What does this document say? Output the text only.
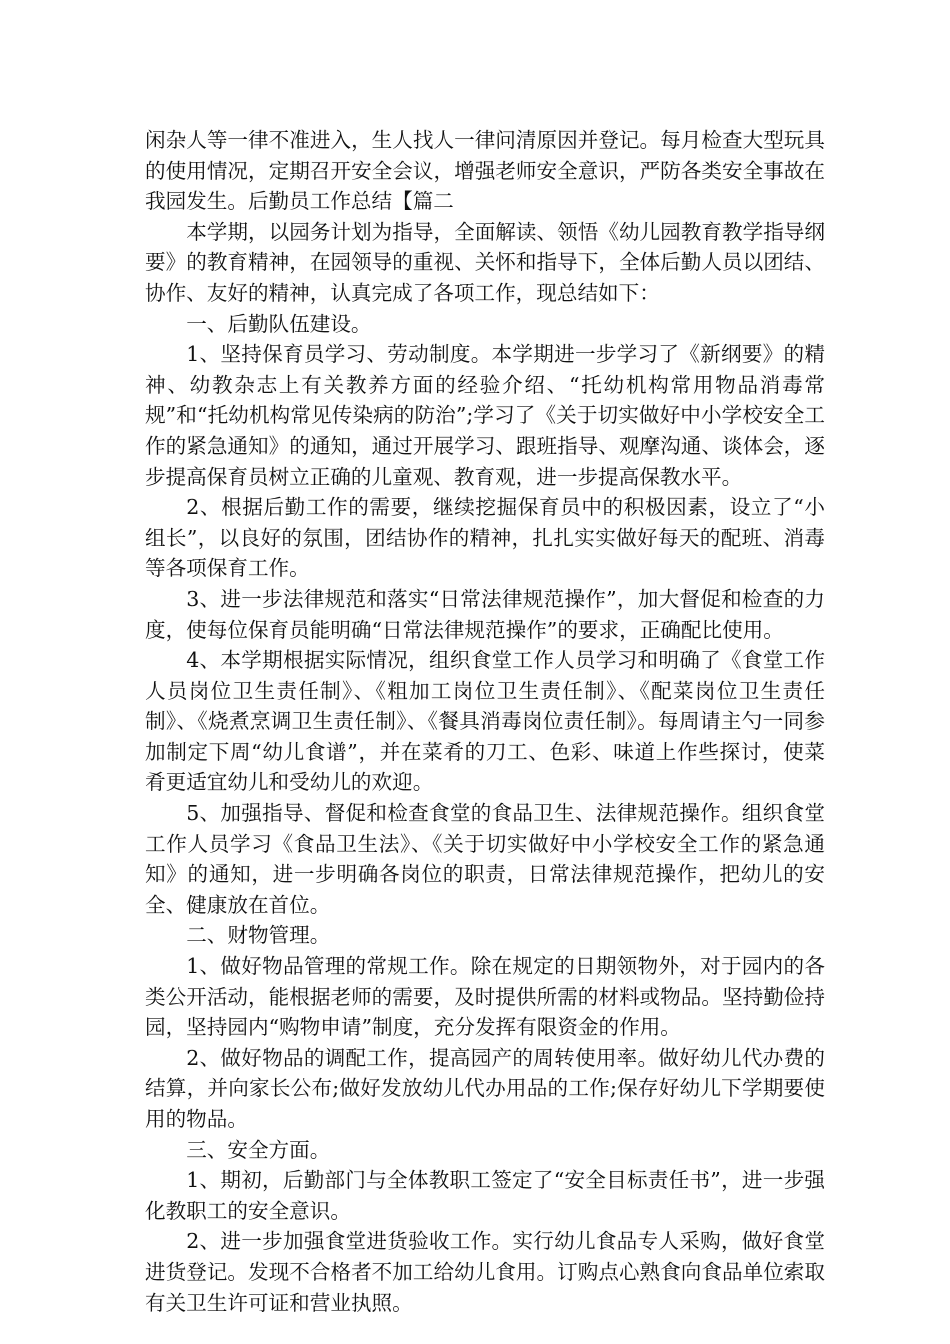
闲杂人等一律不准进入，生人找人一律问清原因并登记。每月检查大型玩具的使用情况，定期召开安全会议，增强老师安全意识，严防各类安全事故在我园发生。后勤员工作总结【篇二

本学期，以园务计划为指导，全面解读、领悟《幼儿园教育教学指导纲要》的教育精神，在园领导的重视、关怀和指导下，全体后勤人员以团结、协作、友好的精神，认真完成了各项工作，现总结如下：

一、后勤队伍建设。

1、坚持保育员学习、劳动制度。本学期进一步学习了《新纲要》的精神、幼教杂志上有关教养方面的经验介绍、“托幼机构常用物品消毒常规”和“托幼机构常见传染病的防治”;学习了《关于切实做好中小学校安全工作的紧急通知》的通知，通过开展学习、跟班指导、观摩沟通、谈体会，逐步提高保育员树立正确的儿童观、教育观，进一步提高保教水平。

2、根据后勤工作的需要，继续挖掘保育员中的积极因素，设立了“小组长”，以良好的氛围，团结协作的精神，扎扎实实做好每天的配班、消毒等各项保育工作。

3、进一步法律规范和落实“日常法律规范操作”，加大督促和检查的力度，使每位保育员能明确“日常法律规范操作”的要求，正确配比使用。

4、本学期根据实际情况，组织食堂工作人员学习和明确了《食堂工作人员岗位卫生责任制》、《粗加工岗位卫生责任制》、《配菜岗位卫生责任制》、《烧煮烹调卫生责任制》、《餐具消毒岗位责任制》。每周请主勺一同参加制定下周“幼儿食谱”，并在菜肴的刀工、色彩、味道上作些探讨，使菜肴更适宜幼儿和受幼儿的欢迎。

5、加强指导、督促和检查食堂的食品卫生、法律规范操作。组织食堂工作人员学习《食品卫生法》、《关于切实做好中小学校安全工作的紧急通知》的通知，进一步明确各岗位的职责，日常法律规范操作，把幼儿的安全、健康放在首位。

二、财物管理。

1、做好物品管理的常规工作。除在规定的日期领物外，对于园内的各类公开活动，能根据老师的需要，及时提供所需的材料或物品。坚持勤俭持园，坚持园内“购物申请”制度，充分发挥有限资金的作用。

2、做好物品的调配工作，提高园产的周转使用率。做好幼儿代办费的结算，并向家长公布;做好发放幼儿代办用品的工作;保存好幼儿下学期要使用的物品。

三、安全方面。

1、期初，后勤部门与全体教职工签定了“安全目标责任书”，进一步强化教职工的安全意识。

2、进一步加强食堂进货验收工作。实行幼儿食品专人采购，做好食堂进货登记。发现不合格者不加工给幼儿食用。订购点心熟食向食品单位索取有关卫生许可证和营业执照。
